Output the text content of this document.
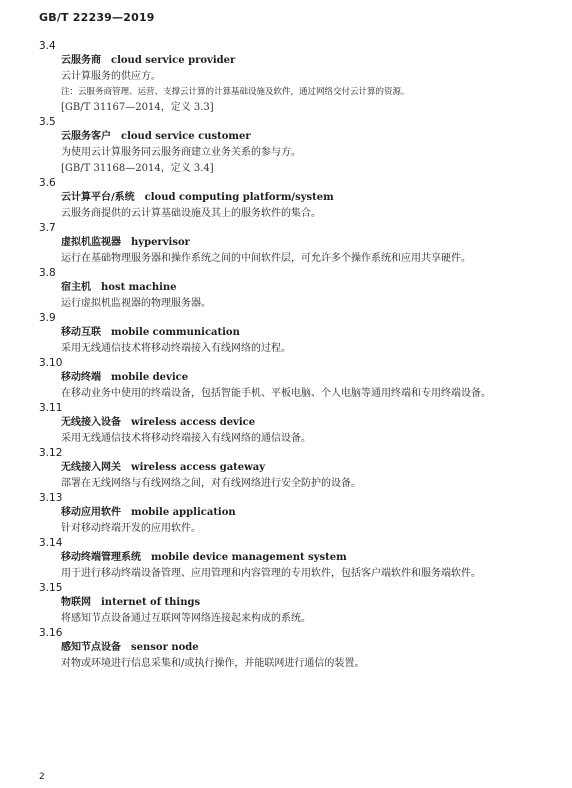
GB/T 22239—2019
3.4
云服务商 cloud service provider
云计算服务的供应方。
注：云服务商管理、运营、支撑云计算的计算基础设施及软件，通过网络交付云计算的资源。
[GB/T 31167—2014，定义 3.3]
3.5
云服务客户 cloud service customer
为使用云计算服务同云服务商建立业务关系的参与方。
[GB/T 31168—2014，定义 3.4]
3.6
云计算平台/系统 cloud computing platform/system
云服务商提供的云计算基础设施及其上的服务软件的集合。
3.7
虚拟机监视器 hypervisor
运行在基础物理服务器和操作系统之间的中间软件层，可允许多个操作系统和应用共享硬件。
3.8
宿主机 host machine
运行虚拟机监视器的物理服务器。
3.9
移动互联 mobile communication
采用无线通信技术将移动终端接入有线网络的过程。
3.10
移动终端 mobile device
在移动业务中使用的终端设备，包括智能手机、平板电脑、个人电脑等通用终端和专用终端设备。
3.11
无线接入设备 wireless access device
采用无线通信技术将移动终端接入有线网络的通信设备。
3.12
无线接入网关 wireless access gateway
部署在无线网络与有线网络之间，对有线网络进行安全防护的设备。
3.13
移动应用软件 mobile application
针对移动终端开发的应用软件。
3.14
移动终端管理系统 mobile device management system
用于进行移动终端设备管理、应用管理和内容管理的专用软件，包括客户端软件和服务端软件。
3.15
物联网 internet of things
将感知节点设备通过互联网等网络连接起来构成的系统。
3.16
感知节点设备 sensor node
对物或环境进行信息采集和/或执行操作，并能联网进行通信的装置。
2
